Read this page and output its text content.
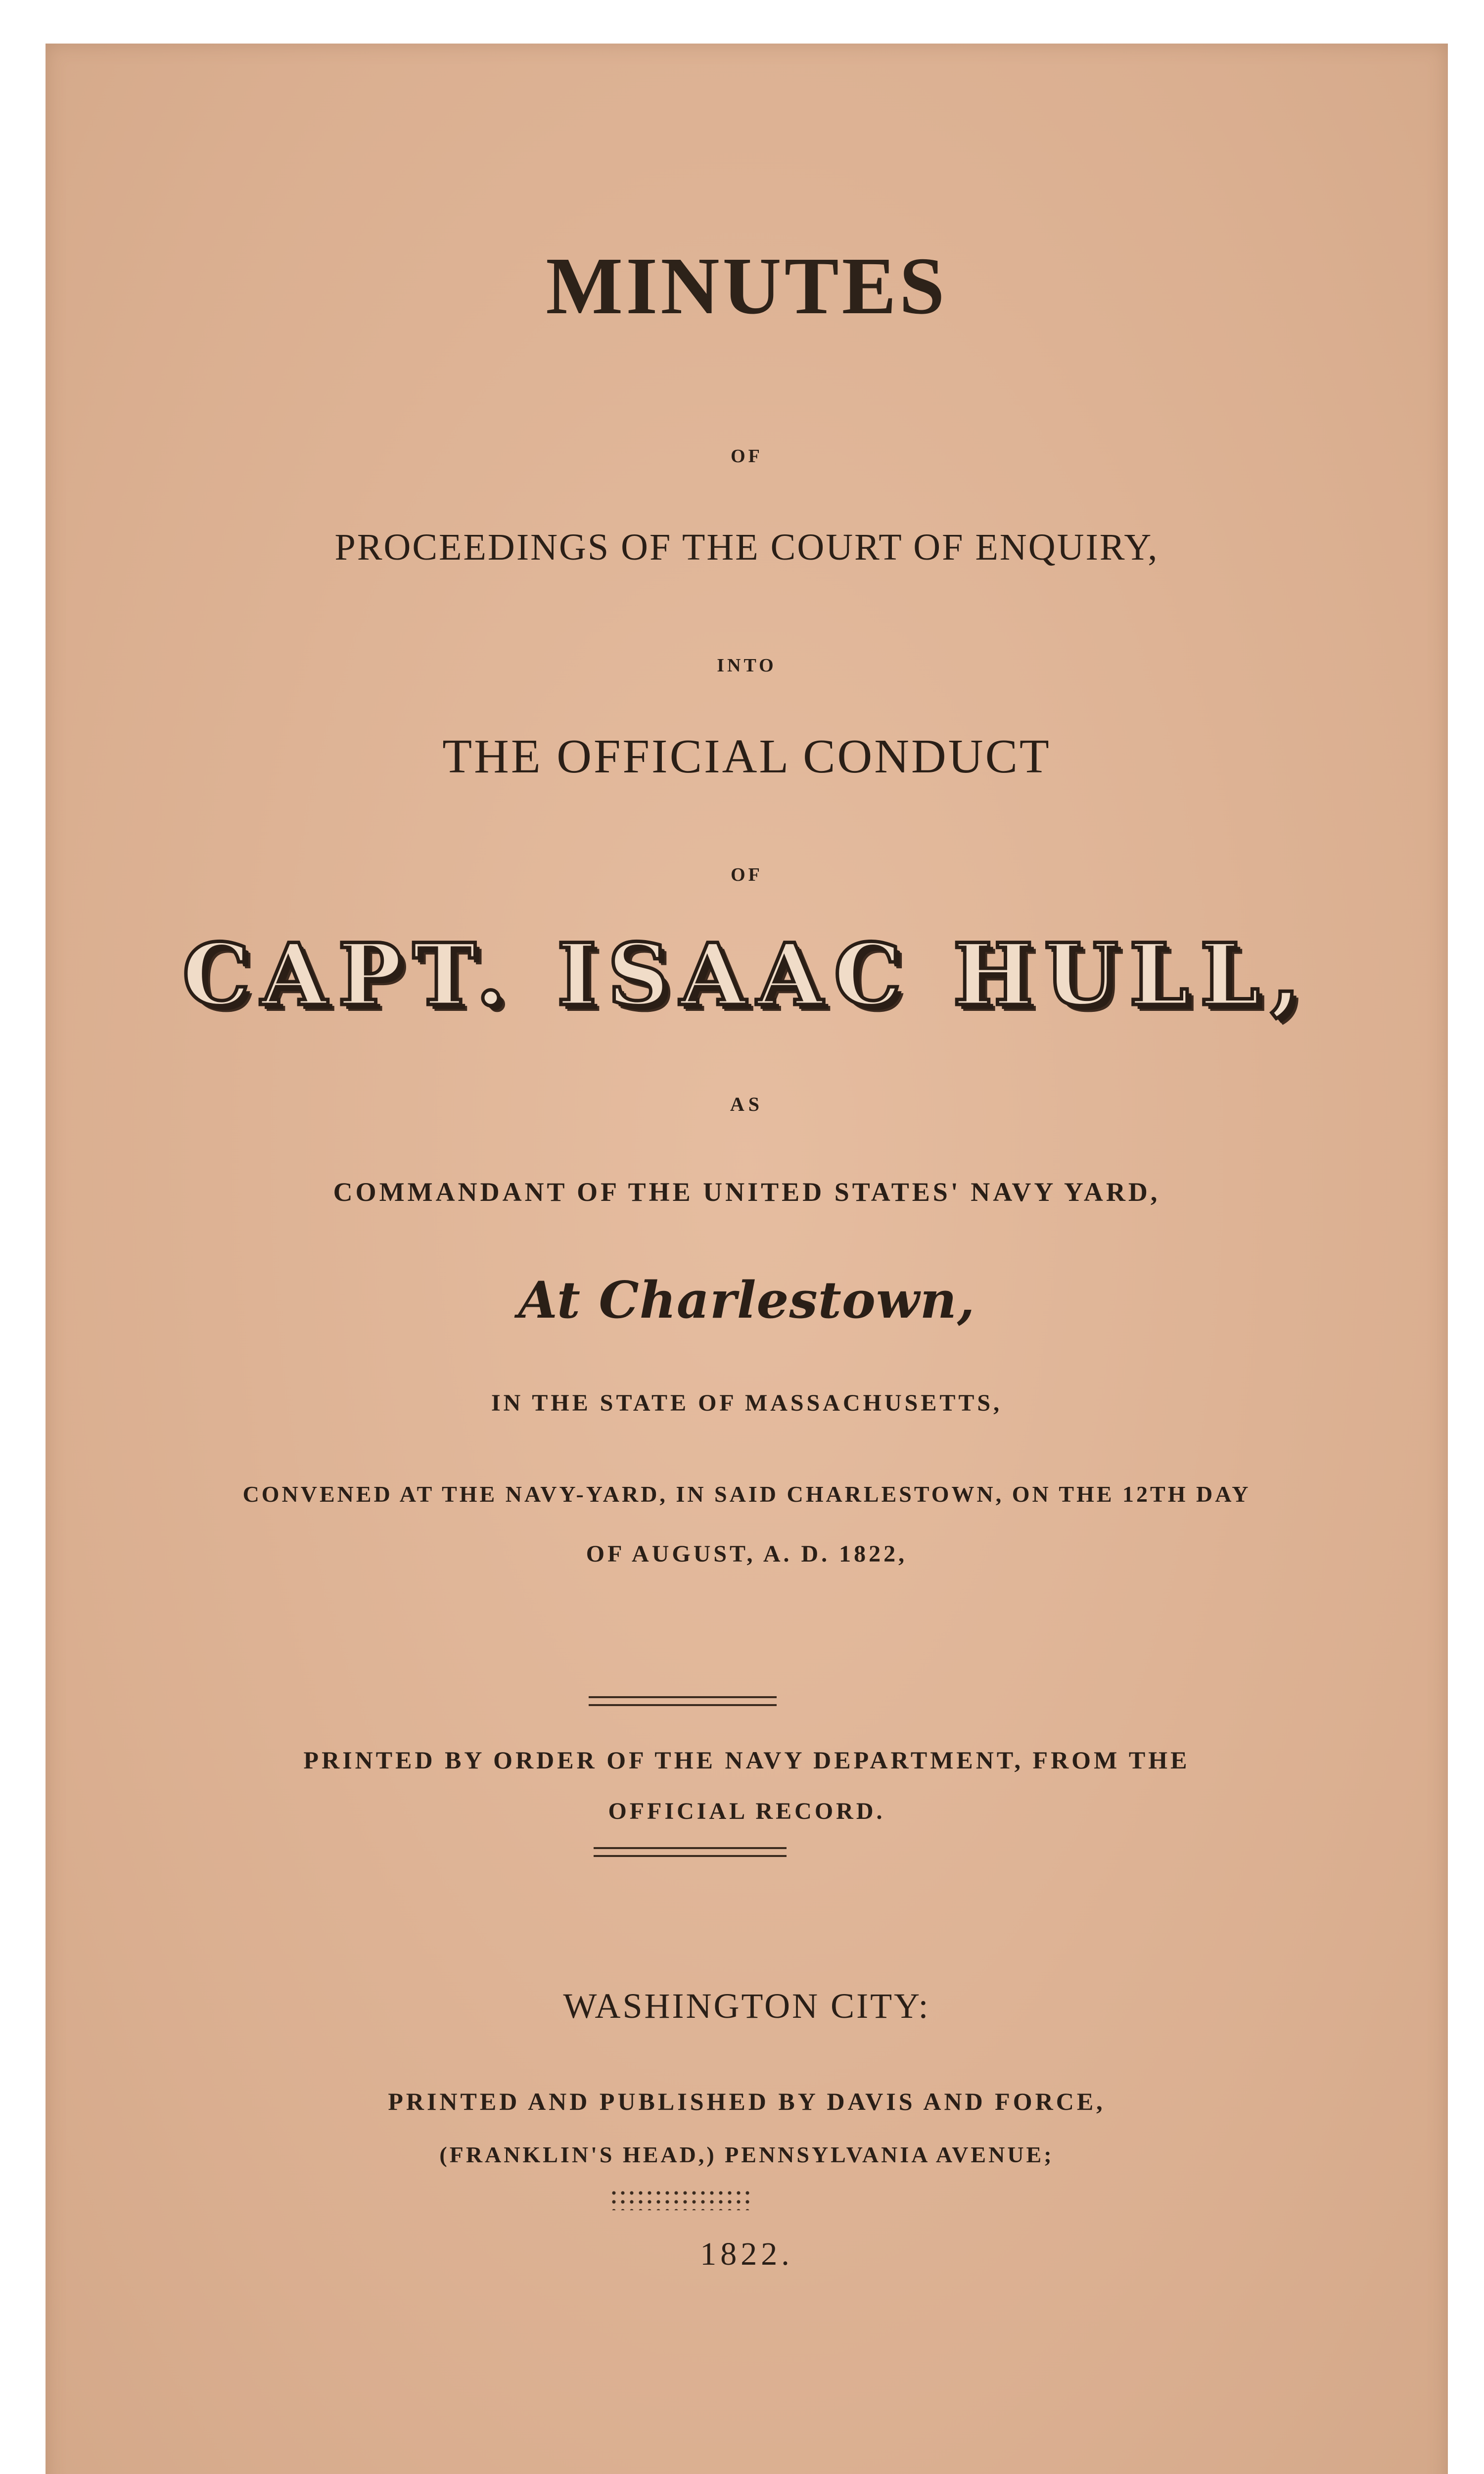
MINUTES
OF
PROCEEDINGS OF THE COURT OF ENQUIRY,
INTO
THE OFFICIAL CONDUCT
OF
CAPT. ISAAC HULL,
AS
COMMANDANT OF THE UNITED STATES' NAVY YARD,
At Charlestown,
IN THE STATE OF MASSACHUSETTS,
CONVENED AT THE NAVY-YARD, IN SAID CHARLESTOWN, ON THE 12TH DAY
OF AUGUST, A. D. 1822,
PRINTED BY ORDER OF THE NAVY DEPARTMENT, FROM THE
OFFICIAL RECORD.
WASHINGTON CITY:
PRINTED AND PUBLISHED BY DAVIS AND FORCE,
(FRANKLIN'S HEAD,) PENNSYLVANIA AVENUE;
1822.
